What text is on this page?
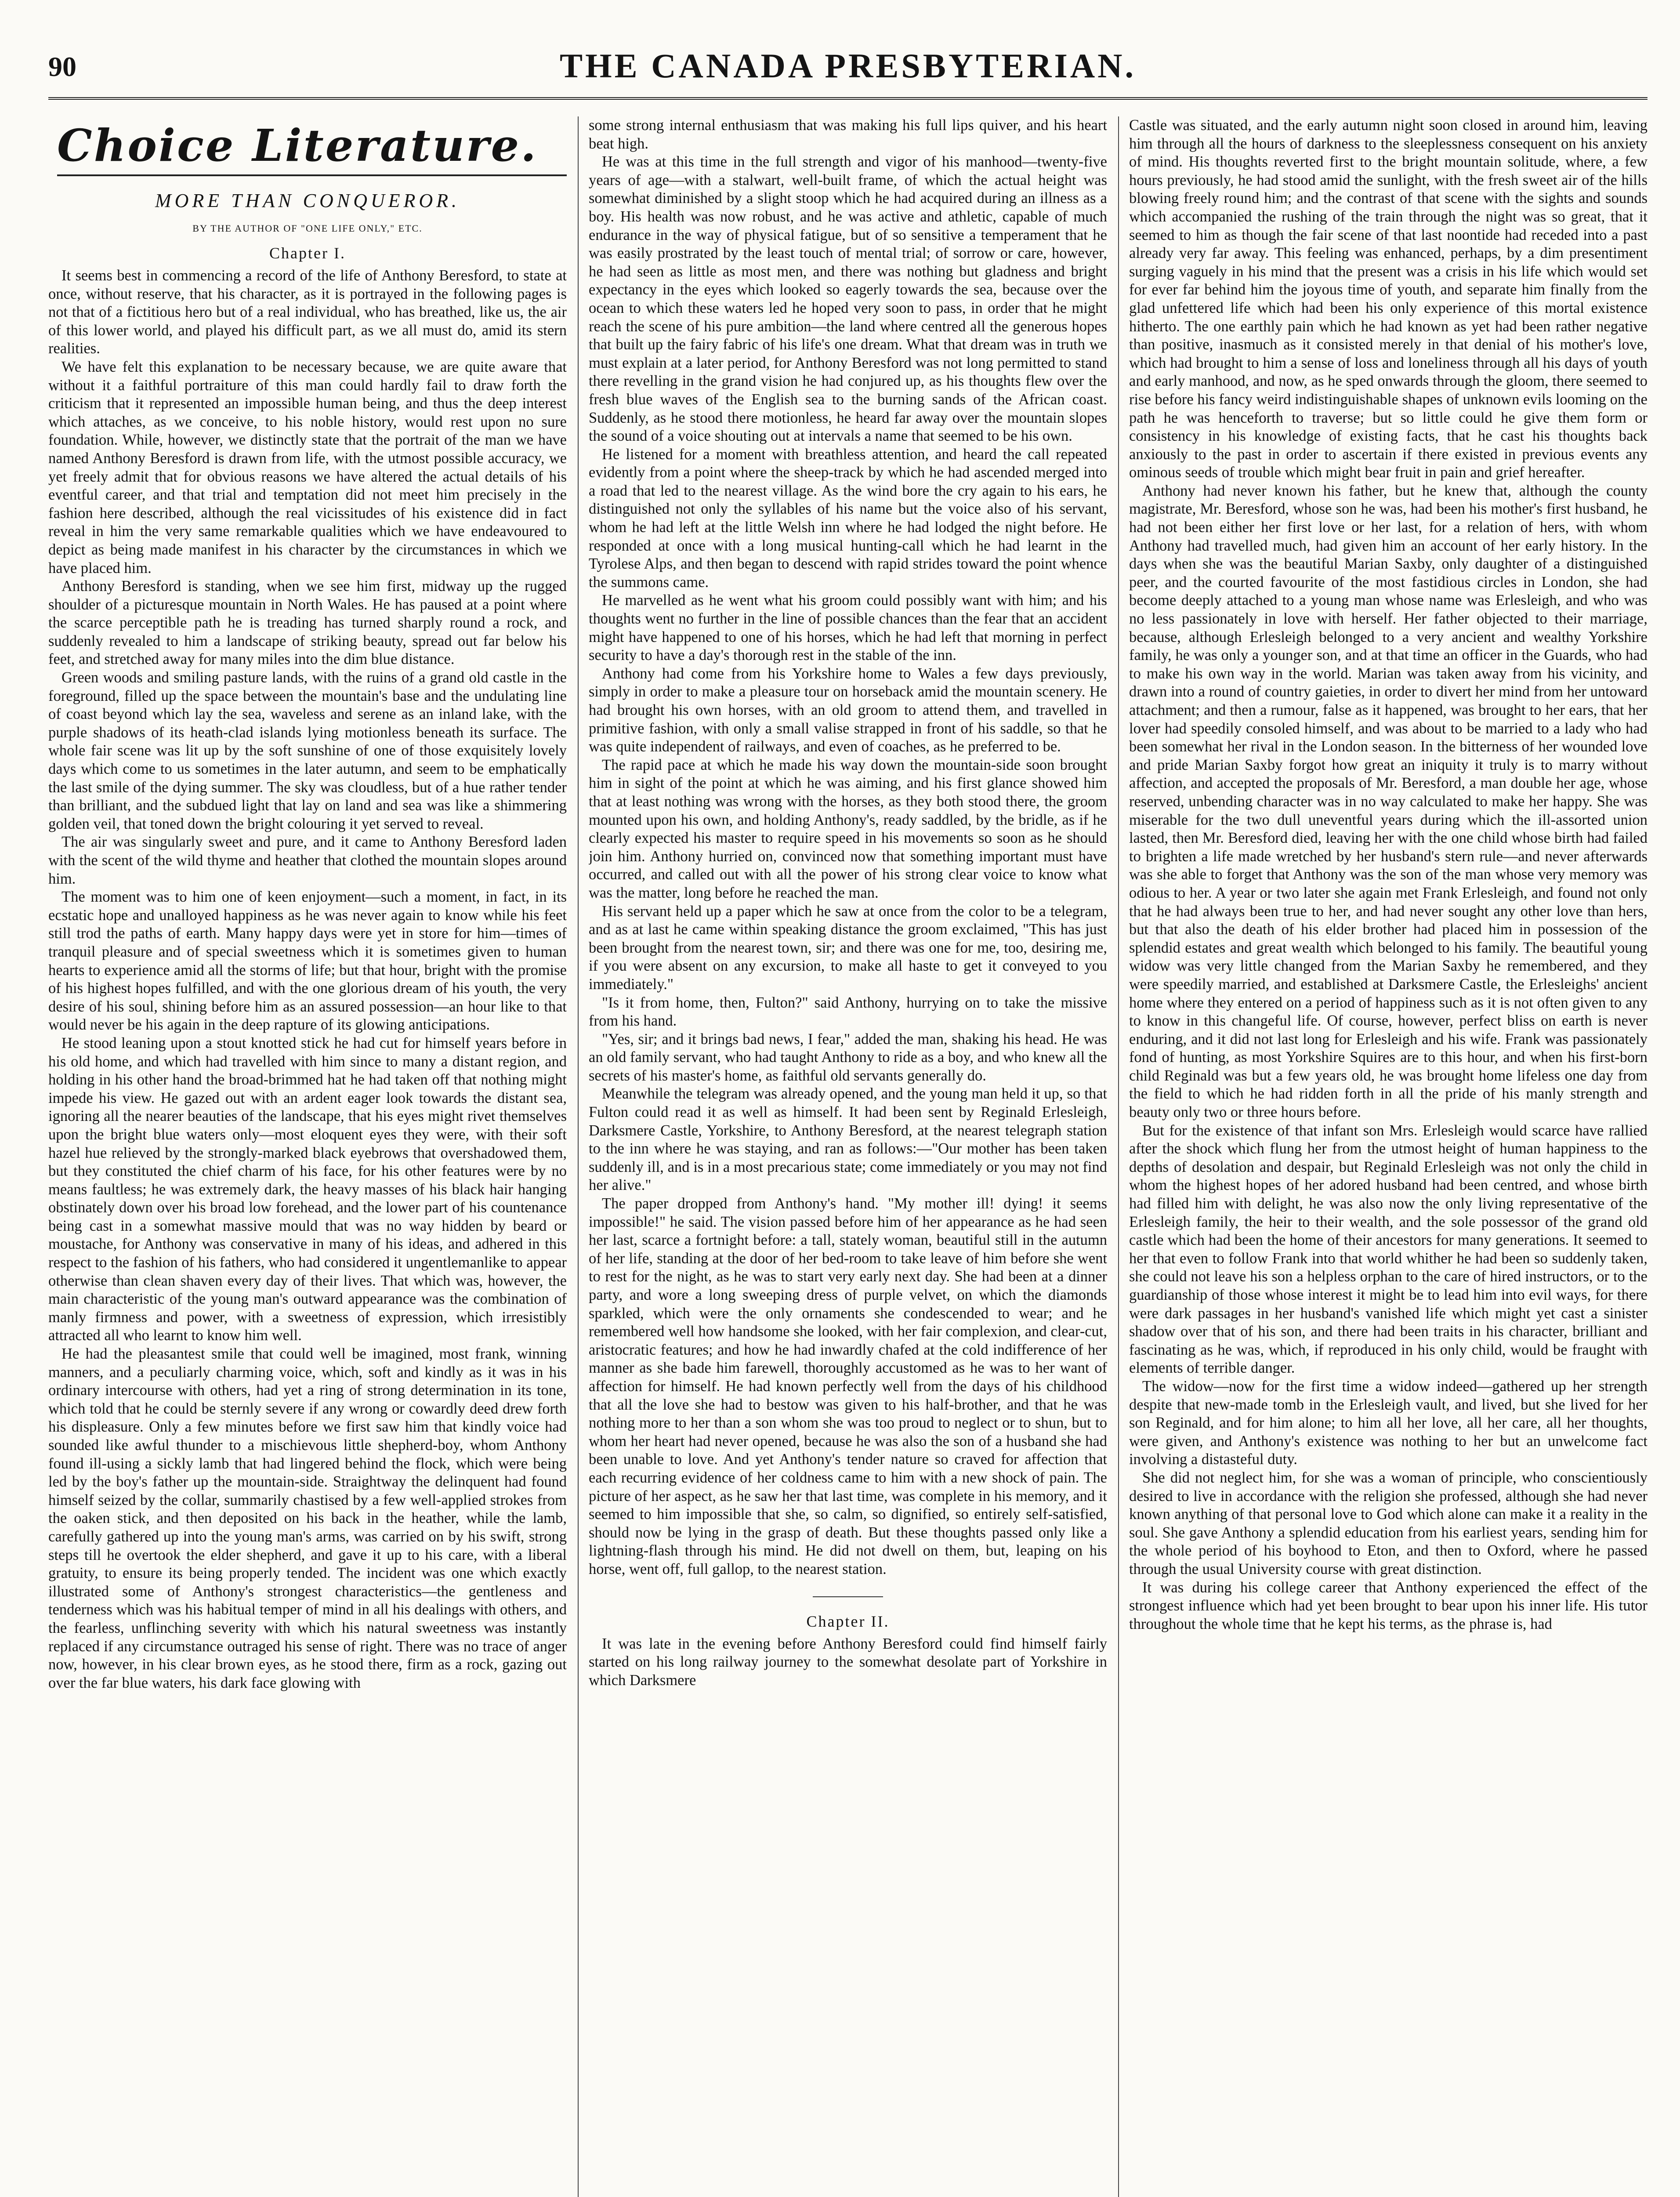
90	THE CANADA PRESBYTERIAN.
Choice Literature.
MORE THAN CONQUEROR.
BY THE AUTHOR OF "ONE LIFE ONLY," ETC.
Chapter I.

It seems best in commencing a record of the life of Anthony Beresford, to state at once, without reserve, that his character, as it is portrayed in the following pages is not that of a fictitious hero but of a real individual, who has breathed, like us, the air of this lower world, and played his difficult part, as we all must do, amid its stern realities.

We have felt this explanation to be necessary because, we are quite aware that without it a faithful portraiture of this man could hardly fail to draw forth the criticism that it represented an impossible human being, and thus the deep interest which attaches, as we conceive, to his noble history, would rest upon no sure foundation. While, however, we distinctly state that the portrait of the man we have named Anthony Beresford is drawn from life, with the utmost possible accuracy, we yet freely admit that for obvious reasons we have altered the actual details of his eventful career, and that trial and temptation did not meet him precisely in the fashion here described, although the real vicissitudes of his existence did in fact reveal in him the very same remarkable qualities which we have endeavoured to depict as being made manifest in his character by the circumstances in which we have placed him.

Anthony Beresford is standing, when we see him first, midway up the rugged shoulder of a picturesque mountain in North Wales. He has paused at a point where the scarce perceptible path he is treading has turned sharply round a rock, and suddenly revealed to him a landscape of striking beauty, spread out far below his feet, and stretched away for many miles into the dim blue distance.

Green woods and smiling pasture lands, with the ruins of a grand old castle in the foreground, filled up the space between the mountain's base and the undulating line of coast beyond which lay the sea, waveless and serene as an inland lake, with the purple shadows of its heath-clad islands lying motionless beneath its surface. The whole fair scene was lit up by the soft sunshine of one of those exquisitely lovely days which come to us sometimes in the later autumn, and seem to be emphatically the last smile of the dying summer. The sky was cloudless, but of a hue rather tender than brilliant, and the subdued light that lay on land and sea was like a shimmering golden veil, that toned down the bright colouring it yet served to reveal.

The air was singularly sweet and pure, and it came to Anthony Beresford laden with the scent of the wild thyme and heather that clothed the mountain slopes around him.

The moment was to him one of keen enjoyment—such a moment, in fact, in its ecstatic hope and unalloyed happiness as he was never again to know while his feet still trod the paths of earth. Many happy days were yet in store for him—times of tranquil pleasure and of special sweetness which it is sometimes given to human hearts to experience amid all the storms of life; but that hour, bright with the promise of his highest hopes fulfilled, and with the one glorious dream of his youth, the very desire of his soul, shining before him as an assured possession—an hour like to that would never be his again in the deep rapture of its glowing anticipations.

He stood leaning upon a stout knotted stick he had cut for himself years before in his old home, and which had travelled with him since to many a distant region, and holding in his other hand the broad-brimmed hat he had taken off that nothing might impede his view. He gazed out with an ardent eager look towards the distant sea, ignoring all the nearer beauties of the landscape, that his eyes might rivet themselves upon the bright blue waters only—most eloquent eyes they were, with their soft hazel hue relieved by the strongly-marked black eyebrows that overshadowed them, but they constituted the chief charm of his face, for his other features were by no means faultless; he was extremely dark, the heavy masses of his black hair hanging obstinately down over his broad low forehead, and the lower part of his countenance being cast in a somewhat massive mould that was no way hidden by beard or moustache, for Anthony was conservative in many of his ideas, and adhered in this respect to the fashion of his fathers, who had considered it ungentlemanlike to appear otherwise than clean shaven every day of their lives. That which was, however, the main characteristic of the young man's outward appearance was the combination of manly firmness and power, with a sweetness of expression, which irresistibly attracted all who learnt to know him well.

He had the pleasantest smile that could well be imagined, most frank, winning manners, and a peculiarly charming voice, which, soft and kindly as it was in his ordinary intercourse with others, had yet a ring of strong determination in its tone, which told that he could be sternly severe if any wrong or cowardly deed drew forth his displeasure. Only a few minutes before we first saw him that kindly voice had sounded like awful thunder to a mischievous little shepherd-boy, whom Anthony found ill-using a sickly lamb that had lingered behind the flock, which were being led by the boy's father up the mountain-side. Straightway the delinquent had found himself seized by the collar, summarily chastised by a few well-applied strokes from the oaken stick, and then deposited on his back in the heather, while the lamb, carefully gathered up into the young man's arms, was carried on by his swift, strong steps till he overtook the elder shepherd, and gave it up to his care, with a liberal gratuity, to ensure its being properly tended. The incident was one which exactly illustrated some of Anthony's strongest characteristics—the gentleness and tenderness which was his habitual temper of mind in all his dealings with others, and the fearless, unflinching severity with which his natural sweetness was instantly replaced if any circumstance outraged his sense of right. There was no trace of anger now, however, in his clear brown eyes, as he stood there, firm as a rock, gazing out over the far blue waters, his dark face glowing with

some strong internal enthusiasm that was making his full lips quiver, and his heart beat high.

He was at this time in the full strength and vigor of his manhood—twenty-five years of age—with a stalwart, well-built frame, of which the actual height was somewhat diminished by a slight stoop which he had acquired during an illness as a boy. His health was now robust, and he was active and athletic, capable of much endurance in the way of physical fatigue, but of so sensitive a temperament that he was easily prostrated by the least touch of mental trial; of sorrow or care, however, he had seen as little as most men, and there was nothing but gladness and bright expectancy in the eyes which looked so eagerly towards the sea, because over the ocean to which these waters led he hoped very soon to pass, in order that he might reach the scene of his pure ambition—the land where centred all the generous hopes that built up the fairy fabric of his life's one dream. What that dream was in truth we must explain at a later period, for Anthony Beresford was not long permitted to stand there revelling in the grand vision he had conjured up, as his thoughts flew over the fresh blue waves of the English sea to the burning sands of the African coast. Suddenly, as he stood there motionless, he heard far away over the mountain slopes the sound of a voice shouting out at intervals a name that seemed to be his own.

He listened for a moment with breathless attention, and heard the call repeated evidently from a point where the sheep-track by which he had ascended merged into a road that led to the nearest village. As the wind bore the cry again to his ears, he distinguished not only the syllables of his name but the voice also of his servant, whom he had left at the little Welsh inn where he had lodged the night before. He responded at once with a long musical hunting-call which he had learnt in the Tyrolese Alps, and then began to descend with rapid strides toward the point whence the summons came.

He marvelled as he went what his groom could possibly want with him; and his thoughts went no further in the line of possible chances than the fear that an accident might have happened to one of his horses, which he had left that morning in perfect security to have a day's thorough rest in the stable of the inn.

Anthony had come from his Yorkshire home to Wales a few days previously, simply in order to make a pleasure tour on horseback amid the mountain scenery. He had brought his own horses, with an old groom to attend them, and travelled in primitive fashion, with only a small valise strapped in front of his saddle, so that he was quite independent of railways, and even of coaches, as he preferred to be.

The rapid pace at which he made his way down the mountain-side soon brought him in sight of the point at which he was aiming, and his first glance showed him that at least nothing was wrong with the horses, as they both stood there, the groom mounted upon his own, and holding Anthony's, ready saddled, by the bridle, as if he clearly expected his master to require speed in his movements so soon as he should join him. Anthony hurried on, convinced now that something important must have occurred, and called out with all the power of his strong clear voice to know what was the matter, long before he reached the man.

His servant held up a paper which he saw at once from the color to be a telegram, and as at last he came within speaking distance the groom exclaimed, "This has just been brought from the nearest town, sir; and there was one for me, too, desiring me, if you were absent on any excursion, to make all haste to get it conveyed to you immediately."

"Is it from home, then, Fulton?" said Anthony, hurrying on to take the missive from his hand.

"Yes, sir; and it brings bad news, I fear," added the man, shaking his head. He was an old family servant, who had taught Anthony to ride as a boy, and who knew all the secrets of his master's home, as faithful old servants generally do.

Meanwhile the telegram was already opened, and the young man held it up, so that Fulton could read it as well as himself. It had been sent by Reginald Erlesleigh, Darksmere Castle, Yorkshire, to Anthony Beresford, at the nearest telegraph station to the inn where he was staying, and ran as follows:—"Our mother has been taken suddenly ill, and is in a most precarious state; come immediately or you may not find her alive."

The paper dropped from Anthony's hand. "My mother ill! dying! it seems impossible!" he said. The vision passed before him of her appearance as he had seen her last, scarce a fortnight before: a tall, stately woman, beautiful still in the autumn of her life, standing at the door of her bed-room to take leave of him before she went to rest for the night, as he was to start very early next day. She had been at a dinner party, and wore a long sweeping dress of purple velvet, on which the diamonds sparkled, which were the only ornaments she condescended to wear; and he remembered well how handsome she looked, with her fair complexion, and clear-cut, aristocratic features; and how he had inwardly chafed at the cold indifference of her manner as she bade him farewell, thoroughly accustomed as he was to her want of affection for himself. He had known perfectly well from the days of his childhood that all the love she had to bestow was given to his half-brother, and that he was nothing more to her than a son whom she was too proud to neglect or to shun, but to whom her heart had never opened, because he was also the son of a husband she had been unable to love. And yet Anthony's tender nature so craved for affection that each recurring evidence of her coldness came to him with a new shock of pain. The picture of her aspect, as he saw her that last time, was complete in his memory, and it seemed to him impossible that she, so calm, so dignified, so entirely self-satisfied, should now be lying in the grasp of death. But these thoughts passed only like a lightning-flash through his mind. He did not dwell on them, but, leaping on his horse, went off, full gallop, to the nearest station.

Chapter II.

It was late in the evening before Anthony Beresford could find himself fairly started on his long railway journey to the somewhat desolate part of Yorkshire in which Darksmere

Castle was situated, and the early autumn night soon closed in around him, leaving him through all the hours of darkness to the sleeplessness consequent on his anxiety of mind. His thoughts reverted first to the bright mountain solitude, where, a few hours previously, he had stood amid the sunlight, with the fresh sweet air of the hills blowing freely round him; and the contrast of that scene with the sights and sounds which accompanied the rushing of the train through the night was so great, that it seemed to him as though the fair scene of that last noontide had receded into a past already very far away. This feeling was enhanced, perhaps, by a dim presentiment surging vaguely in his mind that the present was a crisis in his life which would set for ever far behind him the joyous time of youth, and separate him finally from the glad unfettered life which had been his only experience of this mortal existence hitherto. The one earthly pain which he had known as yet had been rather negative than positive, inasmuch as it consisted merely in that denial of his mother's love, which had brought to him a sense of loss and loneliness through all his days of youth and early manhood, and now, as he sped onwards through the gloom, there seemed to rise before his fancy weird indistinguishable shapes of unknown evils looming on the path he was henceforth to traverse; but so little could he give them form or consistency in his knowledge of existing facts, that he cast his thoughts back anxiously to the past in order to ascertain if there existed in previous events any ominous seeds of trouble which might bear fruit in pain and grief hereafter.

Anthony had never known his father, but he knew that, although the county magistrate, Mr. Beresford, whose son he was, had been his mother's first husband, he had not been either her first love or her last, for a relation of hers, with whom Anthony had travelled much, had given him an account of her early history. In the days when she was the beautiful Marian Saxby, only daughter of a distinguished peer, and the courted favourite of the most fastidious circles in London, she had become deeply attached to a young man whose name was Erlesleigh, and who was no less passionately in love with herself. Her father objected to their marriage, because, although Erlesleigh belonged to a very ancient and wealthy Yorkshire family, he was only a younger son, and at that time an officer in the Guards, who had to make his own way in the world. Marian was taken away from his vicinity, and drawn into a round of country gaieties, in order to divert her mind from her untoward attachment; and then a rumour, false as it happened, was brought to her ears, that her lover had speedily consoled himself, and was about to be married to a lady who had been somewhat her rival in the London season. In the bitterness of her wounded love and pride Marian Saxby forgot how great an iniquity it truly is to marry without affection, and accepted the proposals of Mr. Beresford, a man double her age, whose reserved, unbending character was in no way calculated to make her happy. She was miserable for the two dull uneventful years during which the ill-assorted union lasted, then Mr. Beresford died, leaving her with the one child whose birth had failed to brighten a life made wretched by her husband's stern rule—and never afterwards was she able to forget that Anthony was the son of the man whose very memory was odious to her. A year or two later she again met Frank Erlesleigh, and found not only that he had always been true to her, and had never sought any other love than hers, but that also the death of his elder brother had placed him in possession of the splendid estates and great wealth which belonged to his family. The beautiful young widow was very little changed from the Marian Saxby he remembered, and they were speedily married, and established at Darksmere Castle, the Erlesleighs' ancient home where they entered on a period of happiness such as it is not often given to any to know in this changeful life. Of course, however, perfect bliss on earth is never enduring, and it did not last long for Erlesleigh and his wife. Frank was passionately fond of hunting, as most Yorkshire Squires are to this hour, and when his first-born child Reginald was but a few years old, he was brought home lifeless one day from the field to which he had ridden forth in all the pride of his manly strength and beauty only two or three hours before.

But for the existence of that infant son Mrs. Erlesleigh would scarce have rallied after the shock which flung her from the utmost height of human happiness to the depths of desolation and despair, but Reginald Erlesleigh was not only the child in whom the highest hopes of her adored husband had been centred, and whose birth had filled him with delight, he was also now the only living representative of the Erlesleigh family, the heir to their wealth, and the sole possessor of the grand old castle which had been the home of their ancestors for many generations. It seemed to her that even to follow Frank into that world whither he had been so suddenly taken, she could not leave his son a helpless orphan to the care of hired instructors, or to the guardianship of those whose interest it might be to lead him into evil ways, for there were dark passages in her husband's vanished life which might yet cast a sinister shadow over that of his son, and there had been traits in his character, brilliant and fascinating as he was, which, if reproduced in his only child, would be fraught with elements of terrible danger.

The widow—now for the first time a widow indeed—gathered up her strength despite that new-made tomb in the Erlesleigh vault, and lived, but she lived for her son Reginald, and for him alone; to him all her love, all her care, all her thoughts, were given, and Anthony's existence was nothing to her but an unwelcome fact involving a distasteful duty.

She did not neglect him, for she was a woman of principle, who conscientiously desired to live in accordance with the religion she professed, although she had never known anything of that personal love to God which alone can make it a reality in the soul. She gave Anthony a splendid education from his earliest years, sending him for the whole period of his boyhood to Eton, and then to Oxford, where he passed through the usual University course with great distinction.

It was during his college career that Anthony experienced the effect of the strongest influence which had yet been brought to bear upon his inner life. His tutor throughout the whole time that he kept his terms, as the phrase is, had
